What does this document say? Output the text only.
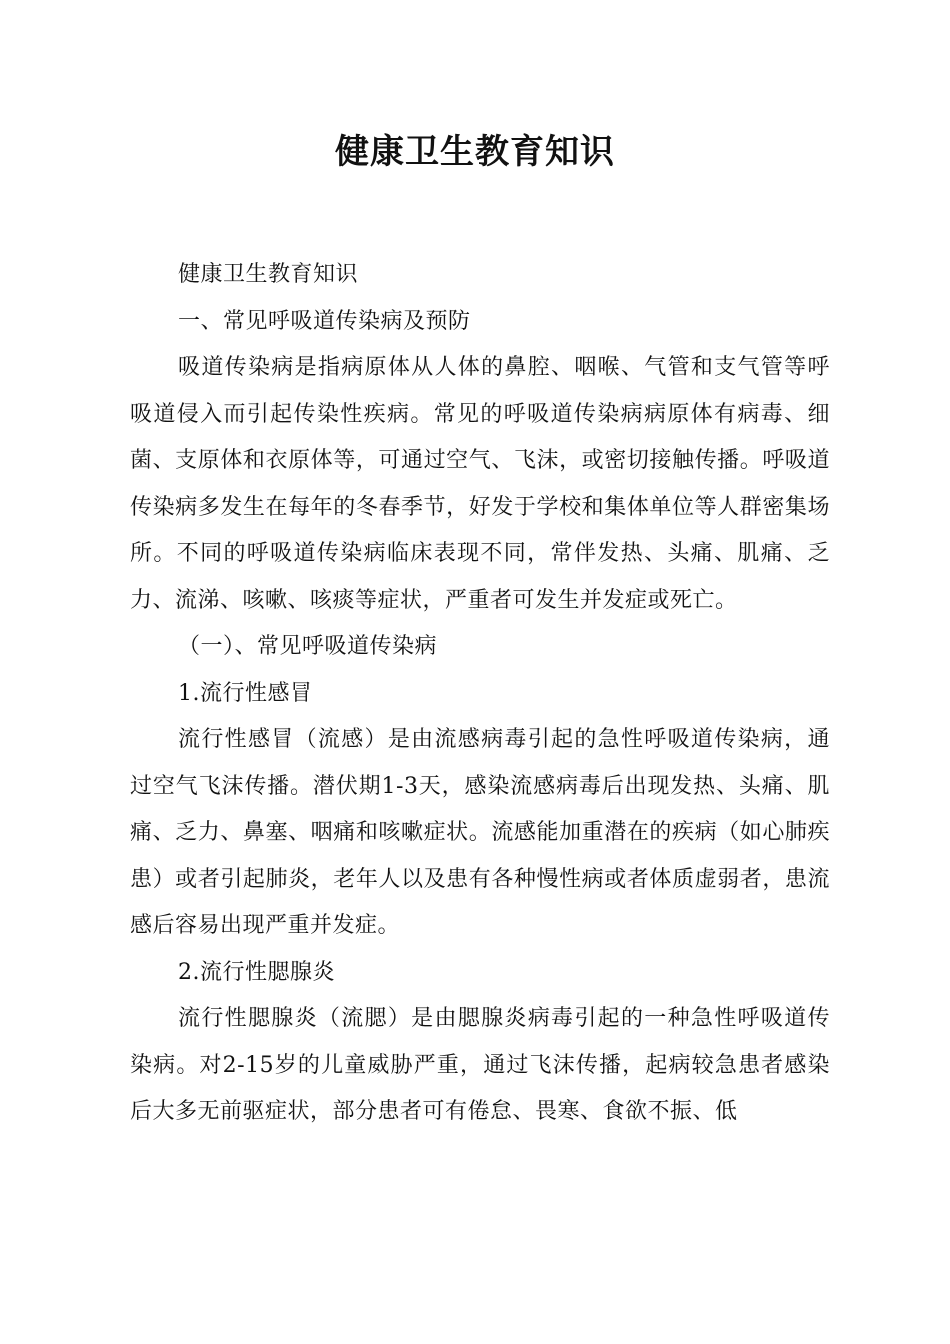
健康卫生教育知识

健康卫生教育知识

一、常见呼吸道传染病及预防

吸道传染病是指病原体从人体的鼻腔、咽喉、气管和支气管等呼吸道侵入而引起传染性疾病。常见的呼吸道传染病病原体有病毒、细菌、支原体和衣原体等，可通过空气、飞沫，或密切接触传播。呼吸道传染病多发生在每年的冬春季节，好发于学校和集体单位等人群密集场所。不同的呼吸道传染病临床表现不同，常伴发热、头痛、肌痛、乏力、流涕、咳嗽、咳痰等症状，严重者可发生并发症或死亡。

（一）、常见呼吸道传染病

1.流行性感冒

流行性感冒（流感）是由流感病毒引起的急性呼吸道传染病，通过空气飞沫传播。潜伏期1-3天，感染流感病毒后出现发热、头痛、肌痛、乏力、鼻塞、咽痛和咳嗽症状。流感能加重潜在的疾病（如心肺疾患）或者引起肺炎，老年人以及患有各种慢性病或者体质虚弱者，患流感后容易出现严重并发症。

2.流行性腮腺炎

流行性腮腺炎（流腮）是由腮腺炎病毒引起的一种急性呼吸道传染病。对2-15岁的儿童威胁严重，通过飞沫传播，起病较急患者感染后大多无前驱症状，部分患者可有倦怠、畏寒、食欲不振、低
